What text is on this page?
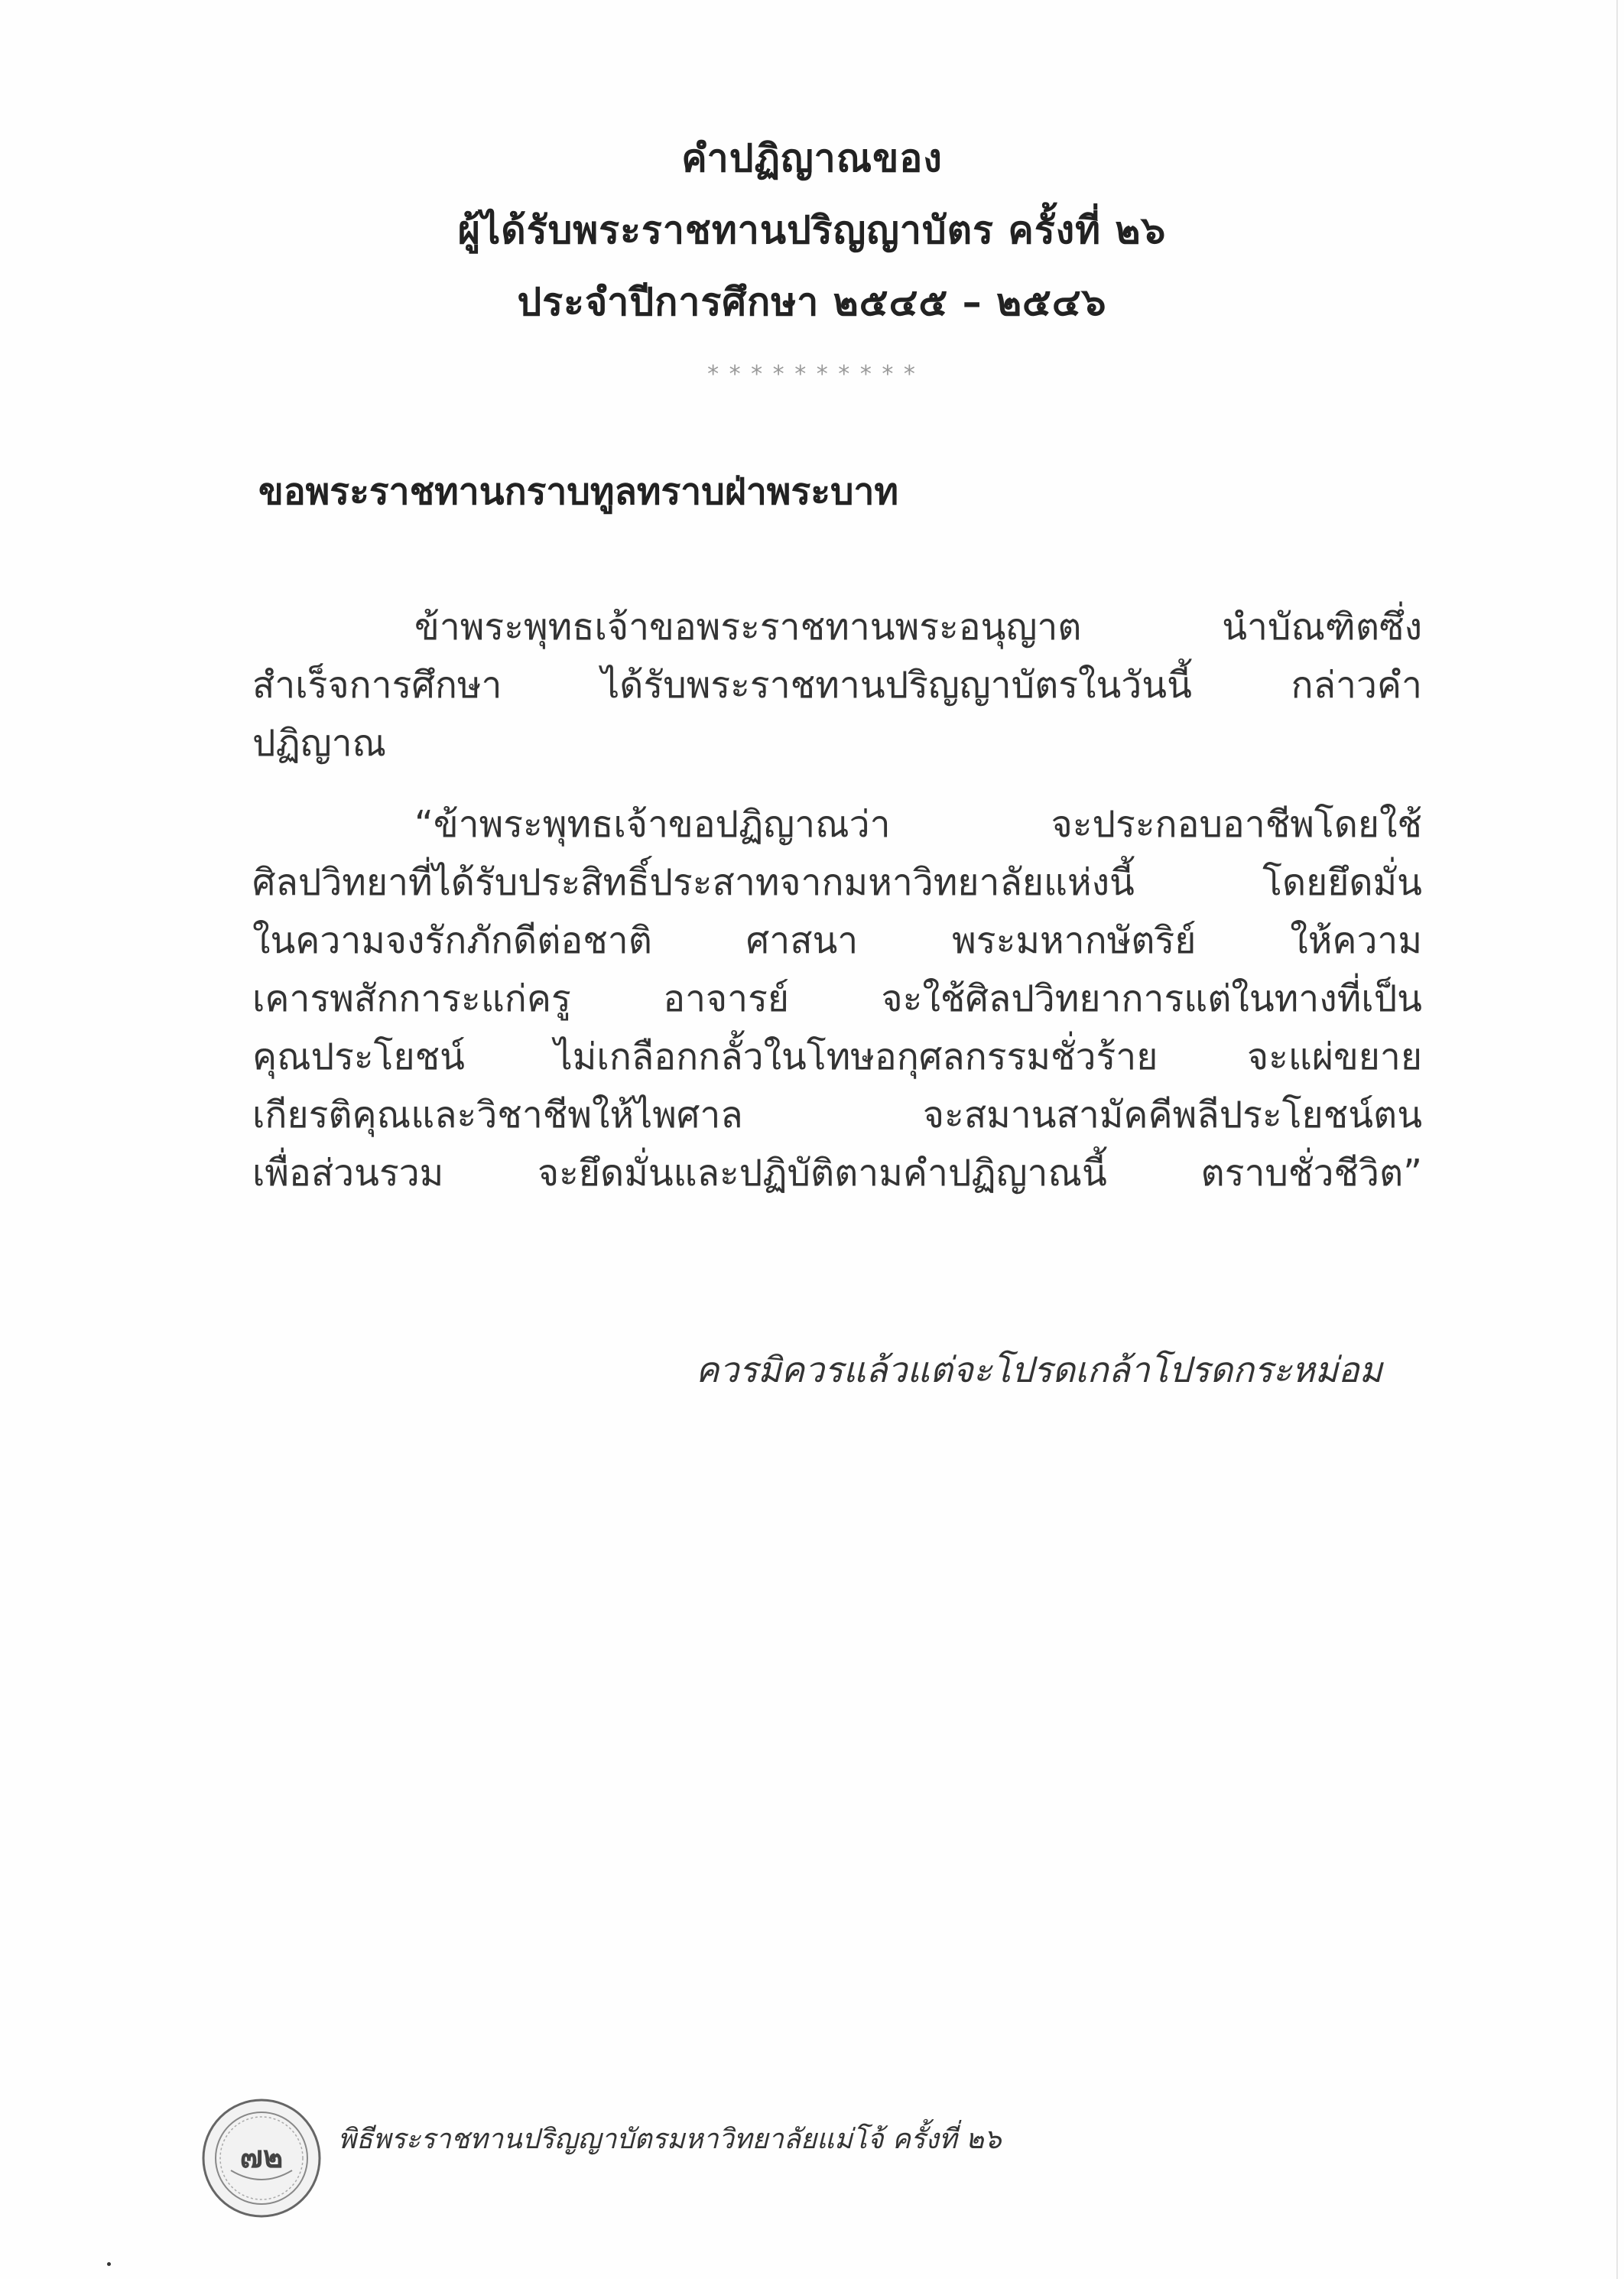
คำปฏิญาณของ
ผู้ได้รับพระราชทานปริญญาบัตร ครั้งที่ ๒๖
ประจำปีการศึกษา ๒๕๔๕ – ๒๕๔๖
* * * * * * * * * *
ขอพระราชทานกราบทูลทราบฝ่าพระบาท
ข้าพระพุทธเจ้าขอพระราชทานพระอนุญาต นำบัณฑิตซึ่ง
สำเร็จการศึกษา ได้รับพระราชทานปริญญาบัตรในวันนี้ กล่าวคำ
ปฏิญาณ
“ข้าพระพุทธเจ้าขอปฏิญาณว่า จะประกอบอาชีพโดยใช้
ศิลปวิทยาที่ได้รับประสิทธิ์ประสาทจากมหาวิทยาลัยแห่งนี้ โดยยึดมั่น
ในความจงรักภักดีต่อชาติ ศาสนา พระมหากษัตริย์ ให้ความ
เคารพสักการะแก่ครู อาจารย์ จะใช้ศิลปวิทยาการแต่ในทางที่เป็น
คุณประโยชน์ ไม่เกลือกกลั้วในโทษอกุศลกรรมชั่วร้าย จะแผ่ขยาย
เกียรติคุณและวิชาชีพให้ไพศาล จะสมานสามัคคีพลีประโยชน์ตน
เพื่อส่วนรวม จะยึดมั่นและปฏิบัติตามคำปฏิญาณนี้ ตราบชั่วชีวิต”
ควรมิควรแล้วแต่จะโปรดเกล้าโปรดกระหม่อม
๗๒
พิธีพระราชทานปริญญาบัตรมหาวิทยาลัยแม่โจ้ ครั้งที่ ๒๖
